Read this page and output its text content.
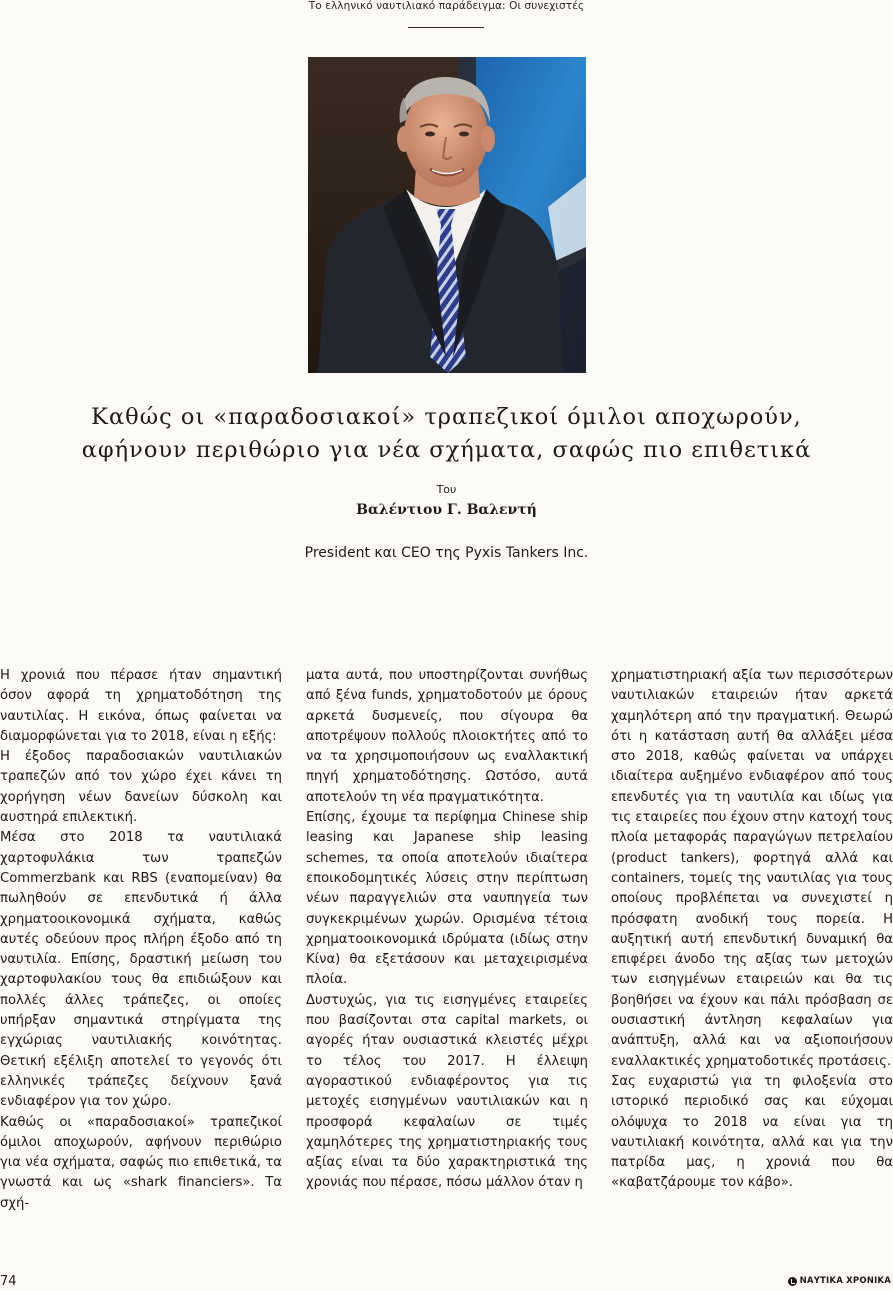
Το ελληνικό ναυτιλιακό παράδειγμα: Οι συνεχιστές
Καθώς οι «παραδοσιακοί» τραπεζικοί όμιλοι αποχωρούν,
αφήνουν περιθώριο για νέα σχήματα, σαφώς πιο επιθετικά
Του
Βαλέντιου Γ. Βαλεντή
President και CEO της Pyxis Tankers Inc.

Η χρονιά που πέρασε ήταν σημαντική όσον αφορά τη χρηματοδότηση της ναυτιλίας. Η εικόνα, όπως φαίνεται να διαμορφώνεται για το 2018, είναι η εξής:

Η έξοδος παραδοσιακών ναυτιλιακών τραπεζών από τον χώρο έχει κάνει τη χορήγηση νέων δανείων δύσκολη και αυστηρά επιλεκτική.

Μέσα στο 2018 τα ναυτιλιακά χαρτοφυλάκια των τραπεζών Commerzbank και RBS (εναπομείναν) θα πωληθούν σε επενδυτικά ή άλλα χρηματοοικονομικά σχήματα, καθώς αυτές οδεύουν προς πλήρη έξοδο από τη ναυτιλία. Επίσης, δραστική μείωση του χαρτοφυλακίου τους θα επιδιώξουν και πολλές άλλες τράπεζες, οι οποίες υπήρξαν σημαντικά στηρίγματα της εγχώριας ναυτιλιακής κοινότητας. Θετική εξέλιξη αποτελεί το γεγονός ότι ελληνικές τράπεζες δείχνουν ξανά ενδιαφέρον για τον χώρο.

Καθώς οι «παραδοσιακοί» τραπεζικοί όμιλοι αποχωρούν, αφήνουν περιθώριο για νέα σχήματα, σαφώς πιο επιθετικά, τα γνωστά και ως «shark financiers». Τα σχή-

ματα αυτά, που υποστηρίζονται συνήθως από ξένα funds, χρηματοδοτούν με όρους αρκετά δυσμενείς, που σίγουρα θα αποτρέψουν πολλούς πλοιοκτήτες από το να τα χρησιμοποιήσουν ως εναλλακτική πηγή χρηματοδότησης. Ωστόσο, αυτά αποτελούν τη νέα πραγματικότητα.

Επίσης, έχουμε τα περίφημα Chinese ship leasing και Japanese ship leasing schemes, τα οποία αποτελούν ιδιαίτερα εποικοδομητικές λύσεις στην περίπτωση νέων παραγγελιών στα ναυπηγεία των συγκεκριμένων χωρών. Ορισμένα τέτοια χρηματοοικονομικά ιδρύματα (ιδίως στην Κίνα) θα εξετάσουν και μεταχειρισμένα πλοία.

Δυστυχώς, για τις εισηγμένες εταιρείες που βασίζονται στα capital markets, οι αγορές ήταν ουσιαστικά κλειστές μέχρι το τέλος του 2017. Η έλλειψη αγοραστικού ενδιαφέροντος για τις μετοχές εισηγμένων ναυτιλιακών και η προσφορά κεφαλαίων σε τιμές χαμηλότερες της χρηματιστηριακής τους αξίας είναι τα δύο χαρακτηριστικά της χρονιάς που πέρασε, πόσω μάλλον όταν η

χρηματιστηριακή αξία των περισσότερων ναυτιλιακών εταιρειών ήταν αρκετά χαμηλότερη από την πραγματική. Θεωρώ ότι η κατάσταση αυτή θα αλλάξει μέσα στο 2018, καθώς φαίνεται να υπάρχει ιδιαίτερα αυξημένο ενδιαφέρον από τους επενδυτές για τη ναυτιλία και ιδίως για τις εταιρείες που έχουν στην κατοχή τους πλοία μεταφοράς παραγώγων πετρελαίου (product tankers), φορτηγά αλλά και containers, τομείς της ναυτιλίας για τους οποίους προβλέπεται να συνεχιστεί η πρόσφατη ανοδική τους πορεία. Η αυξητική αυτή επενδυτική δυναμική θα επιφέρει άνοδο της αξίας των μετοχών των εισηγμένων εταιρειών και θα τις βοηθήσει να έχουν και πάλι πρόσβαση σε ουσιαστική άντληση κεφαλαίων για ανάπτυξη, αλλά και να αξιοποιήσουν εναλλακτικές χρηματοδοτικές προτάσεις.

Σας ευχαριστώ για τη φιλοξενία στο ιστορικό περιοδικό σας και εύχομαι ολόψυχα το 2018 να είναι για τη ναυτιλιακή κοινότητα, αλλά και για την πατρίδα μας, η χρονιά που θα «καβατζάρουμε τον κάβο».

74	ΝΑΥΤΙΚΑ ΧΡΟΝΙΚΑ
